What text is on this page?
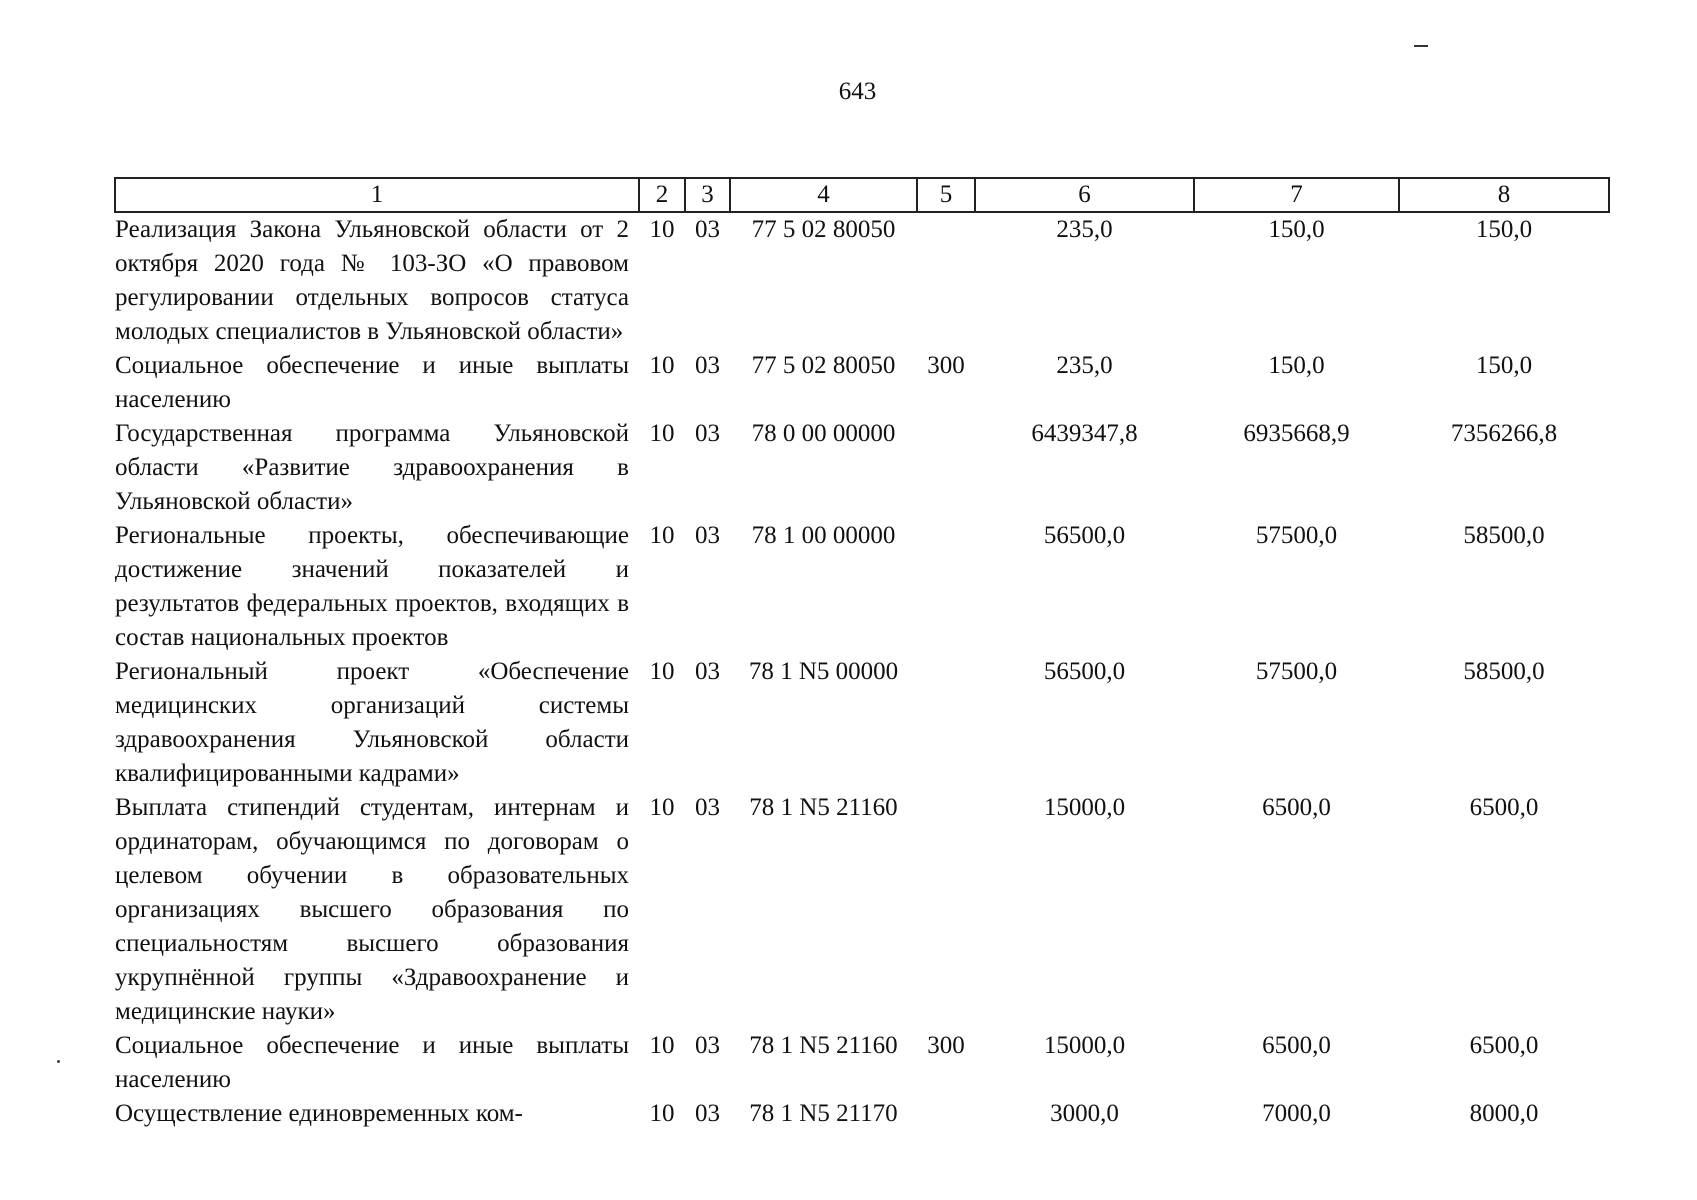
643
1	2	3	4	5	6	7	8
Реализация Закона Ульяновской области от 2 октября 2020 года № 103-ЗО «О правовом регулировании отдельных вопросов статуса молодых специалистов в Ульяновской области»	10	03	77 5 02 80050		235,0	150,0	150,0
Социальное обеспечение и иные выплаты населению	10	03	77 5 02 80050	300	235,0	150,0	150,0
Государственная программа Ульяновской области «Развитие здравоохранения в Ульяновской области»	10	03	78 0 00 00000		6439347,8	6935668,9	7356266,8
Региональные проекты, обеспечивающие достижение значений показателей и результатов федеральных проектов, входящих в состав национальных проектов	10	03	78 1 00 00000		56500,0	57500,0	58500,0
Региональный проект «Обеспечение медицинских организаций системы здравоохранения Ульяновской области квалифицированными кадрами»	10	03	78 1 N5 00000		56500,0	57500,0	58500,0
Выплата стипендий студентам, интернам и ординаторам, обучающимся по договорам о целевом обучении в образовательных организациях высшего образования по специальностям высшего образования укрупнённой группы «Здравоохранение и медицинские науки»	10	03	78 1 N5 21160		15000,0	6500,0	6500,0
Социальное обеспечение и иные выплаты населению	10	03	78 1 N5 21160	300	15000,0	6500,0	6500,0
Осуществление единовременных ком-	10	03	78 1 N5 21170		3000,0	7000,0	8000,0
